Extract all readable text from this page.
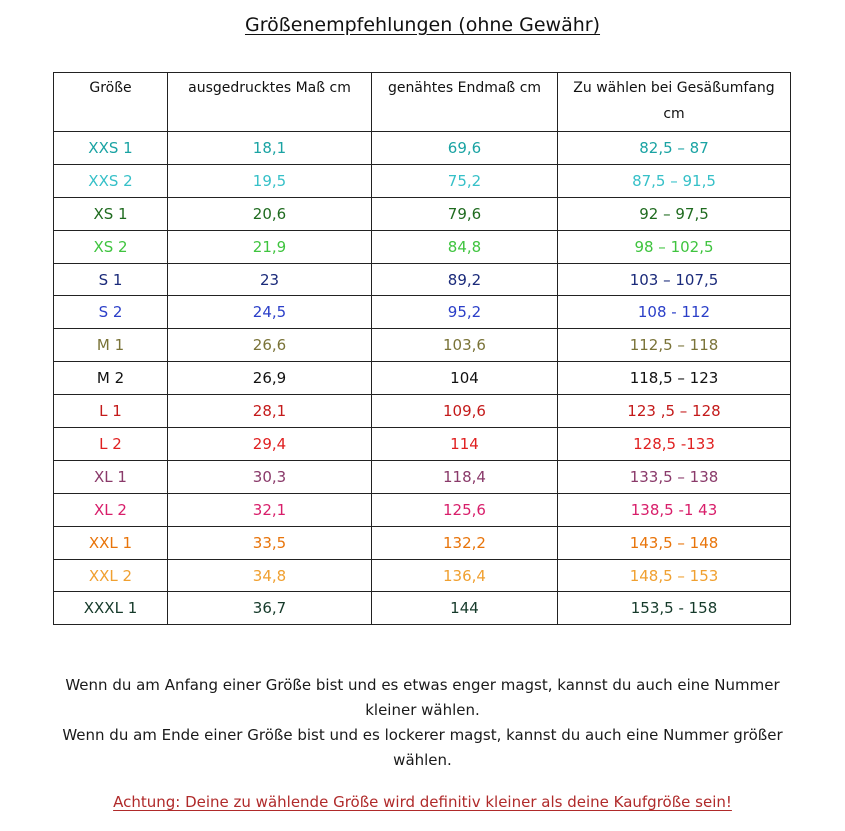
Größenempfehlungen (ohne Gewähr)
Größe	ausgedrucktes Maß cm	genähtes Endmaß cm	Zu wählen bei Gesäßumfang cm
XXS 1	18,1	69,6	82,5 – 87
XXS 2	19,5	75,2	87,5 – 91,5
XS 1	20,6	79,6	92 – 97,5
XS 2	21,9	84,8	98 – 102,5
S 1	23	89,2	103 – 107,5
S 2	24,5	95,2	108 - 112
M 1	26,6	103,6	112,5 – 118
M 2	26,9	104	118,5 – 123
L 1	28,1	109,6	123 ,5 – 128
L 2	29,4	114	128,5 -133
XL 1	30,3	118,4	133,5 – 138
XL 2	32,1	125,6	138,5 -1 43
XXL 1	33,5	132,2	143,5 – 148
XXL 2	34,8	136,4	148,5 – 153
XXXL 1	36,7	144	153,5 - 158

Wenn du am Anfang einer Größe bist und es etwas enger magst, kannst du auch eine Nummer kleiner wählen.

Wenn du am Ende einer Größe bist und es lockerer magst, kannst du auch eine Nummer größer wählen.

Achtung: Deine zu wählende Größe wird definitiv kleiner als deine Kaufgröße sein!
